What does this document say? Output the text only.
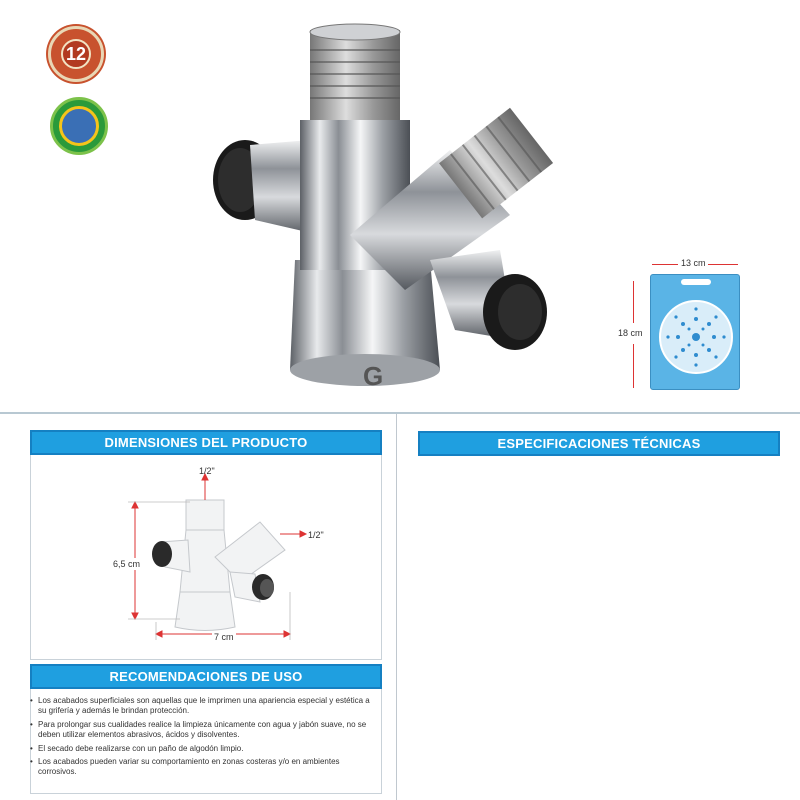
12
G
13 cm
18 cm
DIMENSIONES DEL PRODUCTO
1/2"
1/2"
6,5 cm
7 cm
RECOMENDACIONES DE USO
• Los acabados superficiales son aquellas que le imprimen una apariencia especial y estética a su grifería y además le brindan protección.
• Para prolongar sus cualidades realice la limpieza únicamente con agua y jabón suave, no se deben utilizar elementos abrasivos, ácidos y disolventes.
• El secado debe realizarse con un paño de algodón limpio.
• Los acabados pueden variar su comportamiento en zonas costeras y/o en ambientes corrosivos.
ESPECIFICACIONES TÉCNICAS
